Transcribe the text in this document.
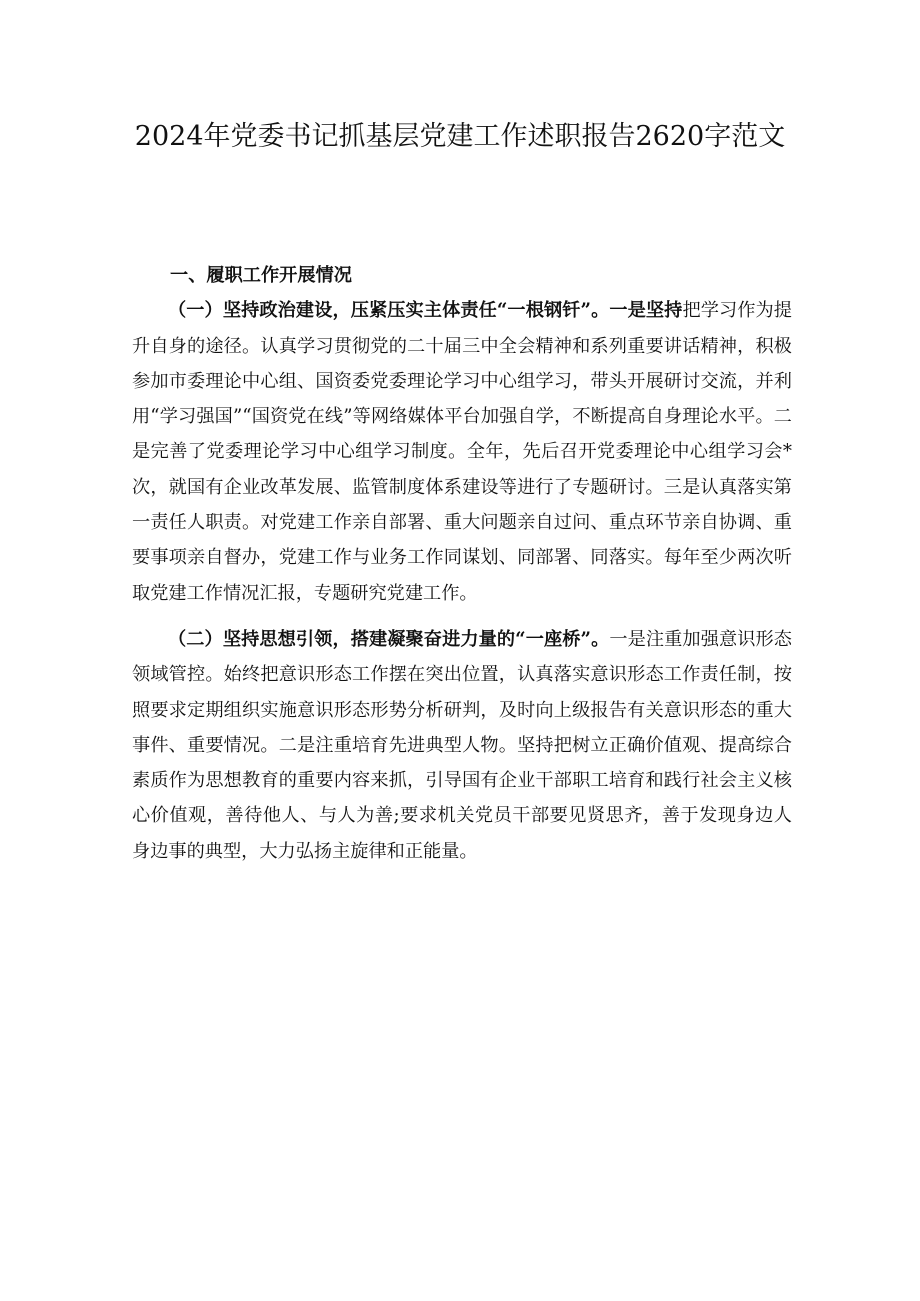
2024年党委书记抓基层党建工作述职报告2620字范文

一、履职工作开展情况

（一）坚持政治建设，压紧压实主体责任“一根钢钎”。一是坚持把学习作为提升自身的途径。认真学习贯彻党的二十届三中全会精神和系列重要讲话精神，积极参加市委理论中心组、国资委党委理论学习中心组学习，带头开展研讨交流，并利用“学习强国”“国资党在线”等网络媒体平台加强自学，不断提高自身理论水平。二是完善了党委理论学习中心组学习制度。全年，先后召开党委理论中心组学习会*次，就国有企业改革发展、监管制度体系建设等进行了专题研讨。三是认真落实第一责任人职责。对党建工作亲自部署、重大问题亲自过问、重点环节亲自协调、重要事项亲自督办，党建工作与业务工作同谋划、同部署、同落实。每年至少两次听取党建工作情况汇报，专题研究党建工作。

（二）坚持思想引领，搭建凝聚奋进力量的“一座桥”。一是注重加强意识形态领域管控。始终把意识形态工作摆在突出位置，认真落实意识形态工作责任制，按照要求定期组织实施意识形态形势分析研判，及时向上级报告有关意识形态的重大事件、重要情况。二是注重培育先进典型人物。坚持把树立正确价值观、提高综合素质作为思想教育的重要内容来抓，引导国有企业干部职工培育和践行社会主义核心价值观，善待他人、与人为善;要求机关党员干部要见贤思齐，善于发现身边人身边事的典型，大力弘扬主旋律和正能量。
